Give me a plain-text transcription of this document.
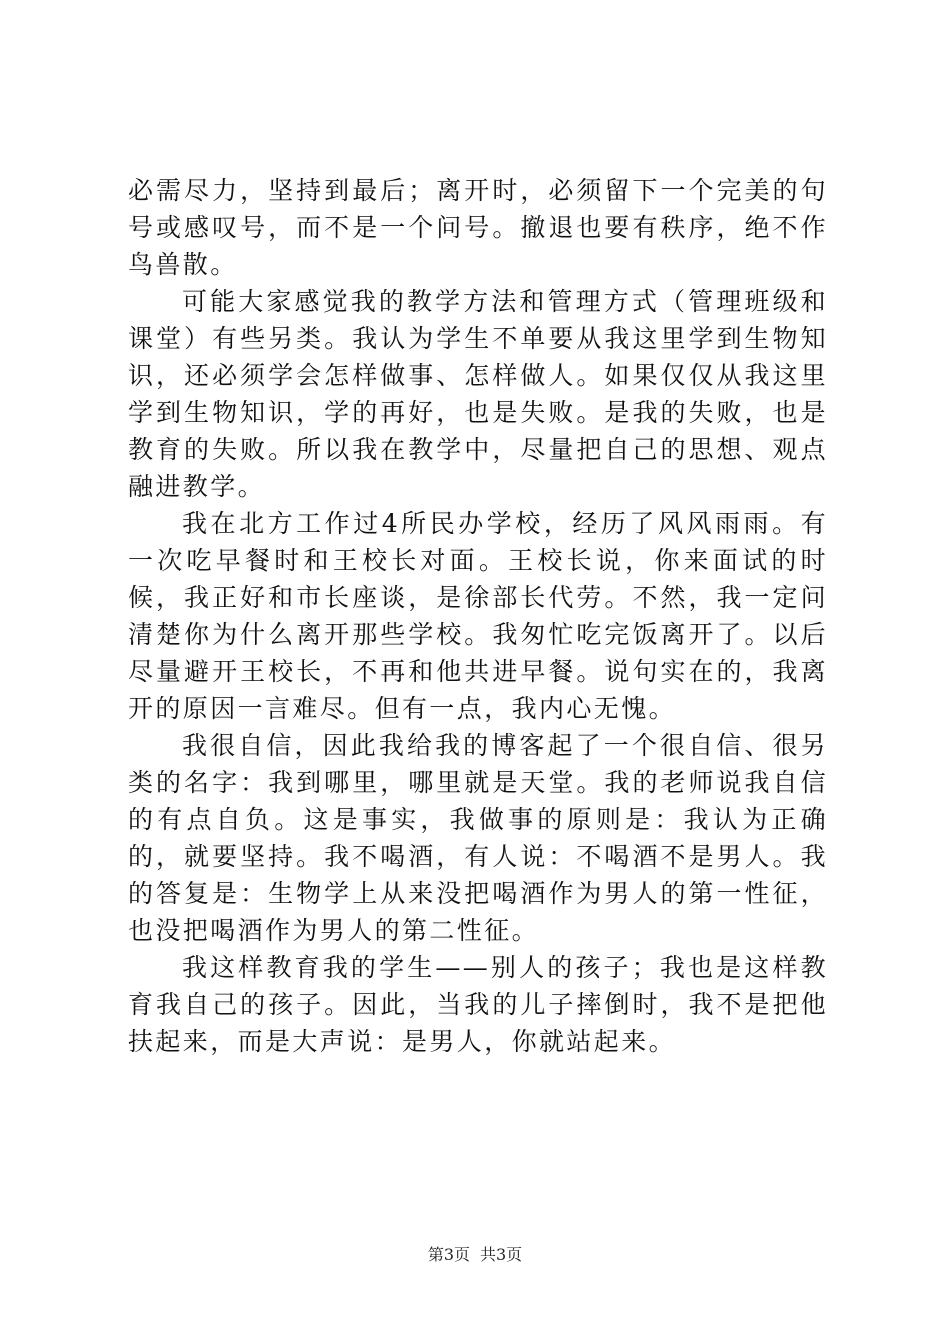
必需尽力，坚持到最后；离开时，必须留下一个完美的句号或感叹号，而不是一个问号。撤退也要有秩序，绝不作鸟兽散。

可能大家感觉我的教学方法和管理方式（管理班级和课堂）有些另类。我认为学生不单要从我这里学到生物知识，还必须学会怎样做事、怎样做人。如果仅仅从我这里学到生物知识，学的再好，也是失败。是我的失败，也是教育的失败。所以我在教学中，尽量把自己的思想、观点融进教学。

我在北方工作过4所民办学校，经历了风风雨雨。有一次吃早餐时和王校长对面。王校长说，你来面试的时候，我正好和市长座谈，是徐部长代劳。不然，我一定问清楚你为什么离开那些学校。我匆忙吃完饭离开了。以后尽量避开王校长，不再和他共进早餐。说句实在的，我离开的原因一言难尽。但有一点，我内心无愧。

我很自信，因此我给我的博客起了一个很自信、很另类的名字：我到哪里，哪里就是天堂。我的老师说我自信的有点自负。这是事实，我做事的原则是：我认为正确的，就要坚持。我不喝酒，有人说：不喝酒不是男人。我的答复是：生物学上从来没把喝酒作为男人的第一性征，也没把喝酒作为男人的第二性征。

我这样教育我的学生——别人的孩子；我也是这样教育我自己的孩子。因此，当我的儿子摔倒时，我不是把他扶起来，而是大声说：是男人，你就站起来。

第3页 共3页
